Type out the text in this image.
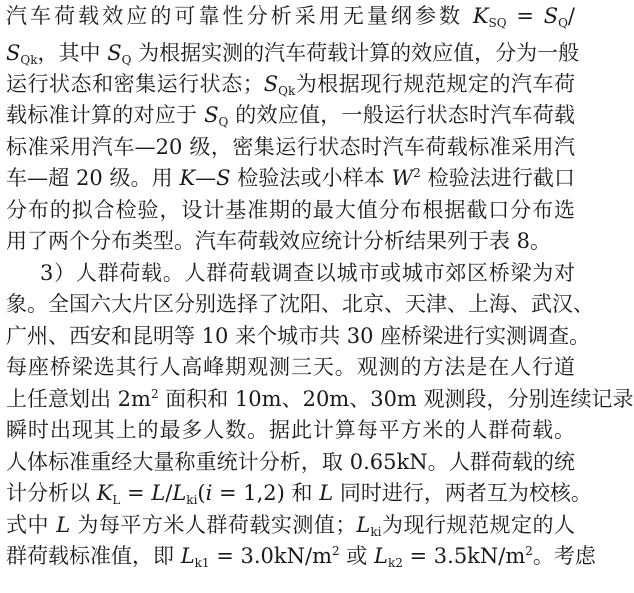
汽车荷载效应的可靠性分析采用无量纲参数 $K_{SQ} = S_Q/$
$S_{Qk}$，其中 $S_Q$ 为根据实测的汽车荷载计算的效应值，分为一般
运行状态和密集运行状态；$S_{Qk}$为根据现行规范规定的汽车荷
载标准计算的对应于 $S_Q$ 的效应值，一般运行状态时汽车荷载
标准采用汽车—20 级，密集运行状态时汽车荷载标准采用汽
车—超 20 级。用 K—S 检验法或小样本 $W^2$ 检验法进行截口
分布的拟合检验，设计基准期的最大值分布根据截口分布选
用了两个分布类型。汽车荷载效应统计分析结果列于表 8。
3）人群荷载。人群荷载调查以城市或城市郊区桥梁为对
象。全国六大片区分别选择了沈阳、北京、天津、上海、武汉、
广州、西安和昆明等 10 来个城市共 30 座桥梁进行实测调查。
每座桥梁选其行人高峰期观测三天。观测的方法是在人行道
上任意划出 $2m^2$ 面积和 10m、20m、30m 观测段，分别连续记录
瞬时出现其上的最多人数。据此计算每平方米的人群荷载。
人体标准重经大量称重统计分析，取 0.65kN。人群荷载的统
计分析以 $K_L = L/L_{ki}(i = 1,2)$ 和 L 同时进行，两者互为校核。
式中 L 为每平方米人群荷载实测值；$L_{ki}$为现行规范规定的人
群荷载标准值，即 $L_{k1} = 3.0kN/m^2$ 或 $L_{k2} = 3.5kN/m^2$。考虑
